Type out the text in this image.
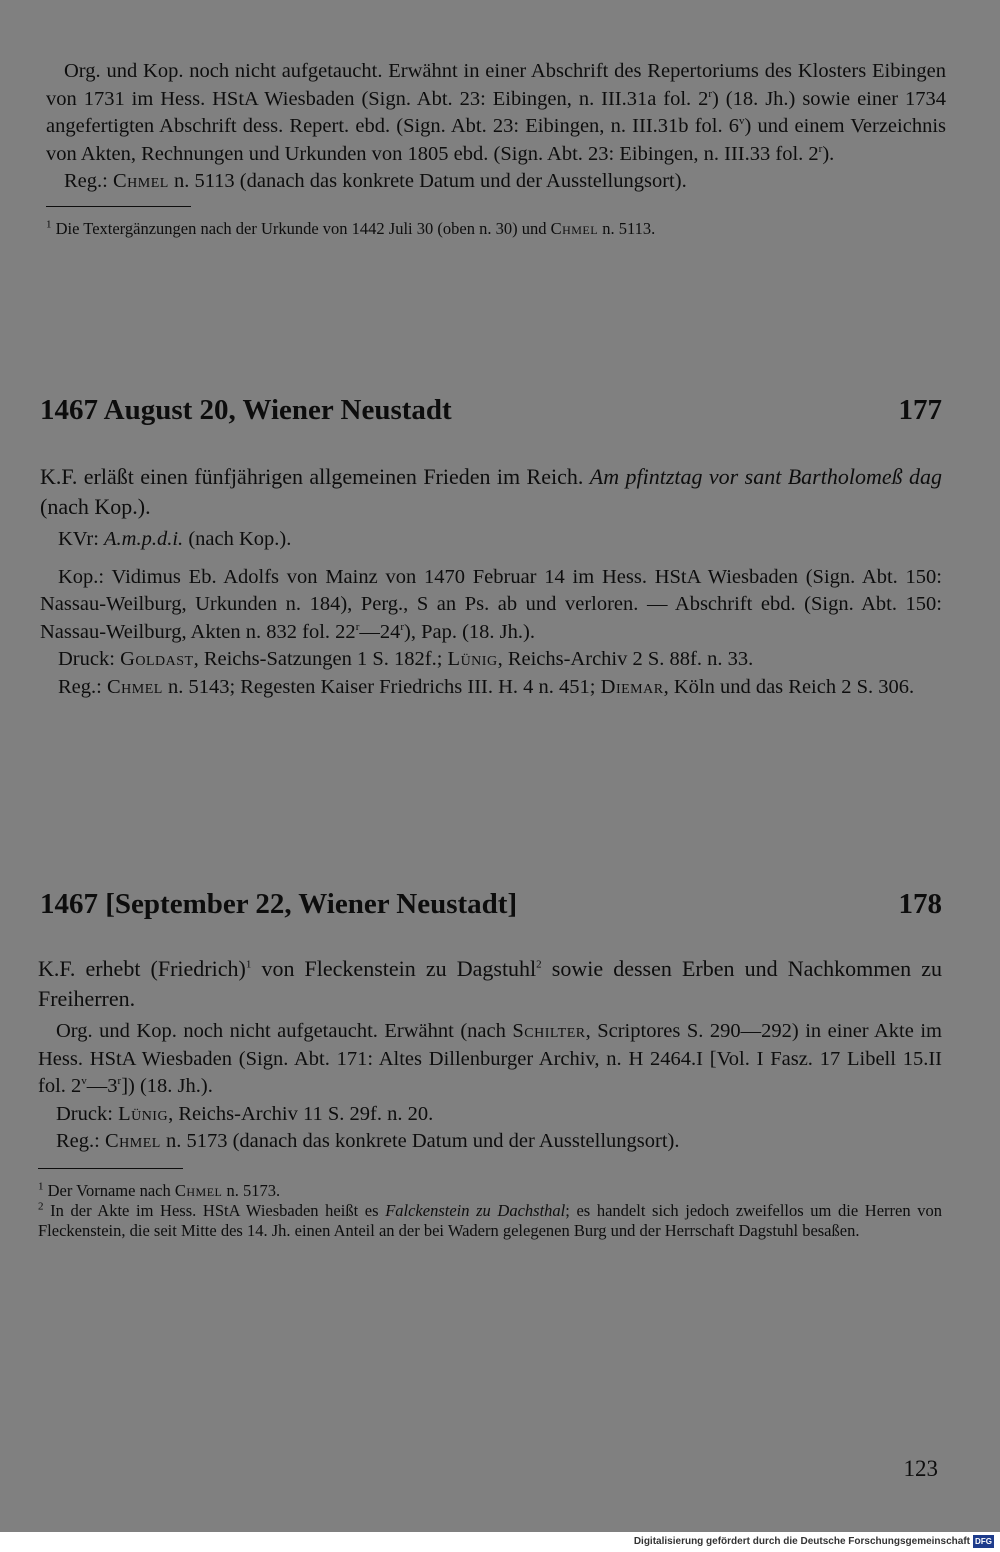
Org. und Kop. noch nicht aufgetaucht. Erwähnt in einer Abschrift des Repertoriums des Klosters Eibingen von 1731 im Hess. HStA Wiesbaden (Sign. Abt. 23: Eibingen, n. III.31a fol. 2$^r$) (18. Jh.) sowie einer 1734 angefertigten Abschrift dess. Repert. ebd. (Sign. Abt. 23: Eibingen, n. III.31b fol. 6$^v$) und einem Verzeichnis von Akten, Rechnungen und Urkunden von 1805 ebd. (Sign. Abt. 23: Eibingen, n. III.33 fol. 2$^r$).

Reg.: Chmel n. 5113 (danach das konkrete Datum und der Ausstellungsort).

$^1$ Die Textergänzungen nach der Urkunde von 1442 Juli 30 (oben n. 30) und Chmel n. 5113.

1467 August 20, Wiener Neustadt	177

K.F. erläßt einen fünfjährigen allgemeinen Frieden im Reich. Am pfintztag vor sant Bartholomeß dag (nach Kop.).

KVr: A.m.p.d.i. (nach Kop.).

Kop.: Vidimus Eb. Adolfs von Mainz von 1470 Februar 14 im Hess. HStA Wiesbaden (Sign. Abt. 150: Nassau-Weilburg, Urkunden n. 184), Perg., S an Ps. ab und verloren. — Abschrift ebd. (Sign. Abt. 150: Nassau-Weilburg, Akten n. 832 fol. 22$^r$—24$^r$), Pap. (18. Jh.).

Druck: Goldast, Reichs-Satzungen 1 S. 182f.; Lünig, Reichs-Archiv 2 S. 88f. n. 33.

Reg.: Chmel n. 5143; Regesten Kaiser Friedrichs III. H. 4 n. 451; Diemar, Köln und das Reich 2 S. 306.

1467 [September 22, Wiener Neustadt]	178

K.F. erhebt (Friedrich)$^1$ von Fleckenstein zu Dagstuhl$^2$ sowie dessen Erben und Nachkommen zu Freiherren.

Org. und Kop. noch nicht aufgetaucht. Erwähnt (nach Schilter, Scriptores S. 290—292) in einer Akte im Hess. HStA Wiesbaden (Sign. Abt. 171: Altes Dillenburger Archiv, n. H 2464.I [Vol. I Fasz. 17 Libell 15.II fol. 2$^v$—3$^r$]) (18. Jh.).

Druck: Lünig, Reichs-Archiv 11 S. 29f. n. 20.

Reg.: Chmel n. 5173 (danach das konkrete Datum und der Ausstellungsort).

$^1$ Der Vorname nach Chmel n. 5173.

$^2$ In der Akte im Hess. HStA Wiesbaden heißt es Falckenstein zu Dachsthal; es handelt sich jedoch zweifellos um die Herren von Fleckenstein, die seit Mitte des 14. Jh. einen Anteil an der bei Wadern gelegenen Burg und der Herrschaft Dagstuhl besaßen.

123
Digitalisierung gefördert durch die Deutsche Forschungsgemeinschaft DFG
